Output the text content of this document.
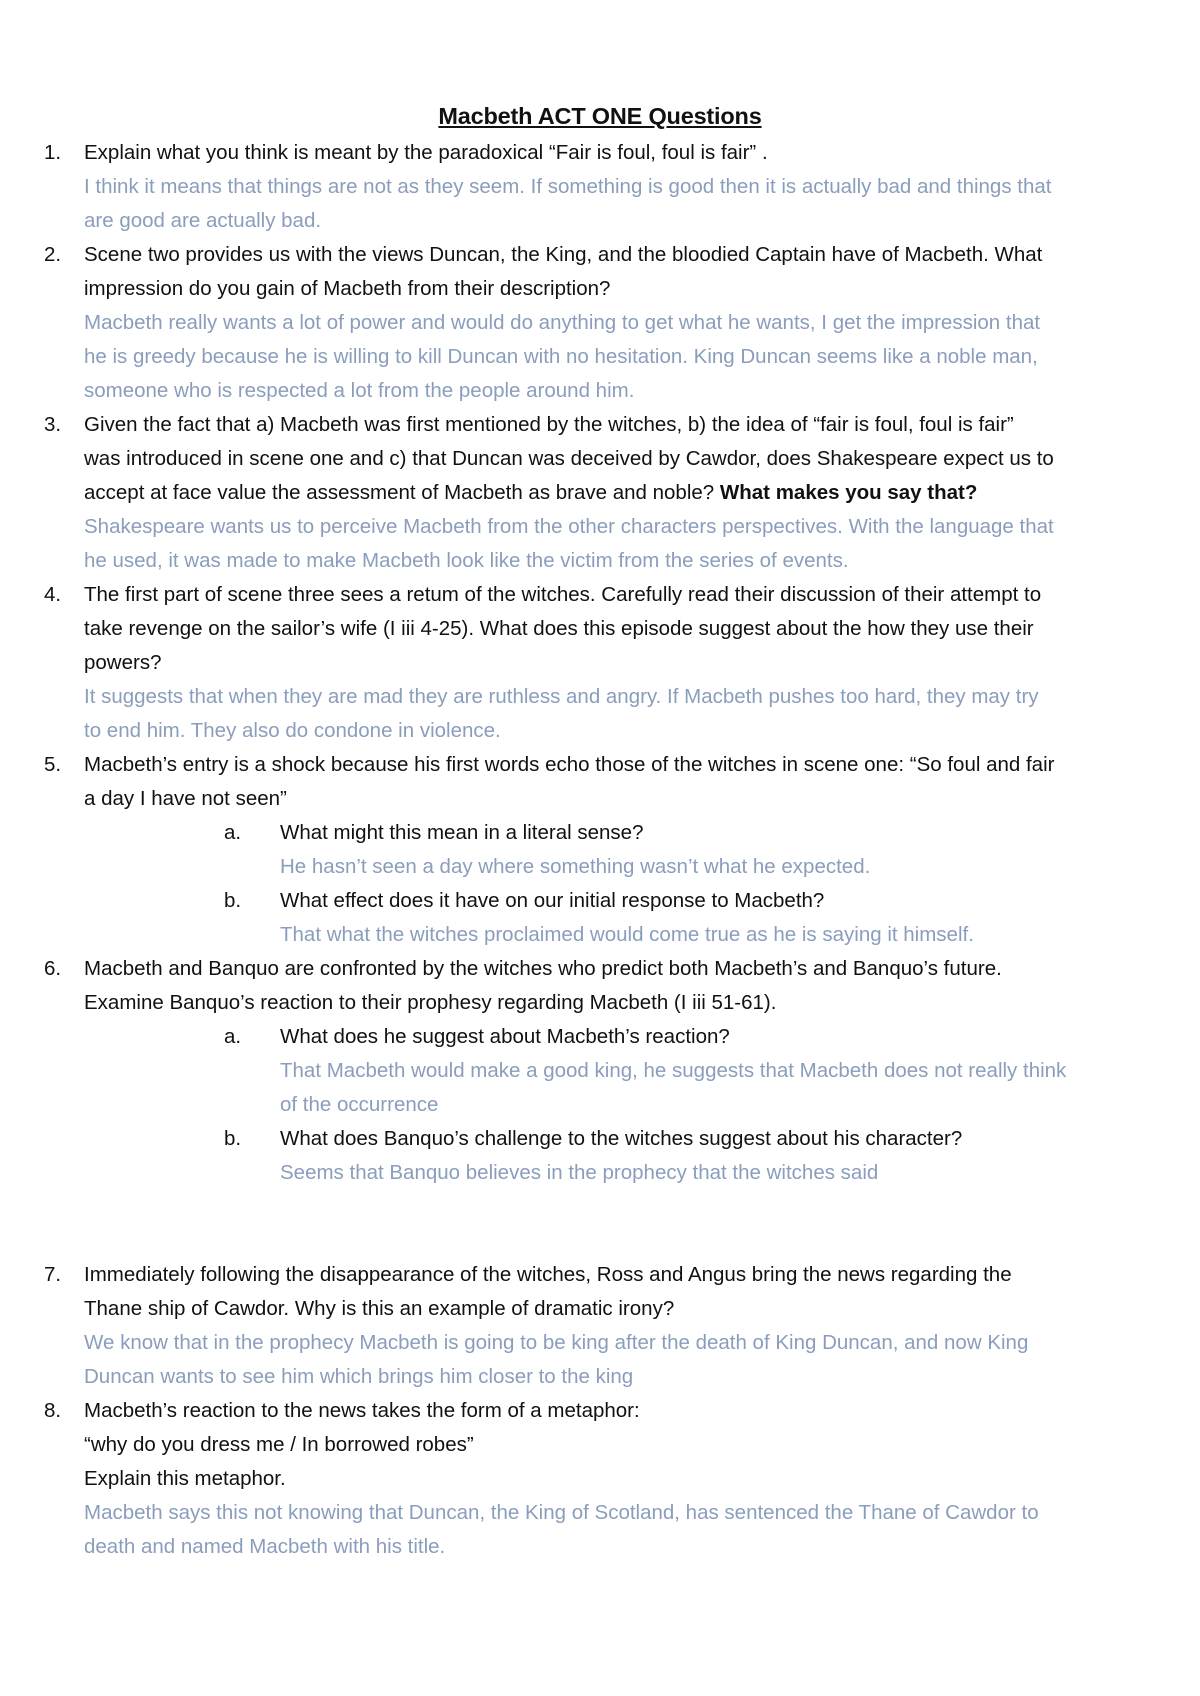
Macbeth ACT ONE Questions
1. Explain what you think is meant by the paradoxical “Fair is foul, foul is fair” .
I think it means that things are not as they seem. If something is good then it is actually bad and things that
are good are actually bad.
2. Scene two provides us with the views Duncan, the King, and the bloodied Captain have of Macbeth. What
impression do you gain of Macbeth from their description?
Macbeth really wants a lot of power and would do anything to get what he wants, I get the impression that
he is greedy because he is willing to kill Duncan with no hesitation. King Duncan seems like a noble man,
someone who is respected a lot from the people around him.
3. Given the fact that a) Macbeth was first mentioned by the witches, b) the idea of “fair is foul, foul is fair”
was introduced in scene one and c) that Duncan was deceived by Cawdor, does Shakespeare expect us to
accept at face value the assessment of Macbeth as brave and noble? What makes you say that?
Shakespeare wants us to perceive Macbeth from the other characters perspectives. With the language that
he used, it was made to make Macbeth look like the victim from the series of events.
4. The first part of scene three sees a retum of the witches. Carefully read their discussion of their attempt to
take revenge on the sailor’s wife (I iii 4-25). What does this episode suggest about the how they use their
powers?
It suggests that when they are mad they are ruthless and angry. If Macbeth pushes too hard, they may try
to end him. They also do condone in violence.
5. Macbeth’s entry is a shock because his first words echo those of the witches in scene one: “So foul and fair
a day I have not seen”
a. What might this mean in a literal sense?
He hasn’t seen a day where something wasn’t what he expected.
b. What effect does it have on our initial response to Macbeth?
That what the witches proclaimed would come true as he is saying it himself.
6. Macbeth and Banquo are confronted by the witches who predict both Macbeth’s and Banquo’s future.
Examine Banquo’s reaction to their prophesy regarding Macbeth (I iii 51-61).
a. What does he suggest about Macbeth’s reaction?
That Macbeth would make a good king, he suggests that Macbeth does not really think
of the occurrence
b. What does Banquo’s challenge to the witches suggest about his character?
Seems that Banquo believes in the prophecy that the witches said
7. Immediately following the disappearance of the witches, Ross and Angus bring the news regarding the
Thane ship of Cawdor. Why is this an example of dramatic irony?
We know that in the prophecy Macbeth is going to be king after the death of King Duncan, and now King
Duncan wants to see him which brings him closer to the king
8. Macbeth’s reaction to the news takes the form of a metaphor:
“why do you dress me / In borrowed robes”
Explain this metaphor.
Macbeth says this not knowing that Duncan, the King of Scotland, has sentenced the Thane of Cawdor to
death and named Macbeth with his title.
